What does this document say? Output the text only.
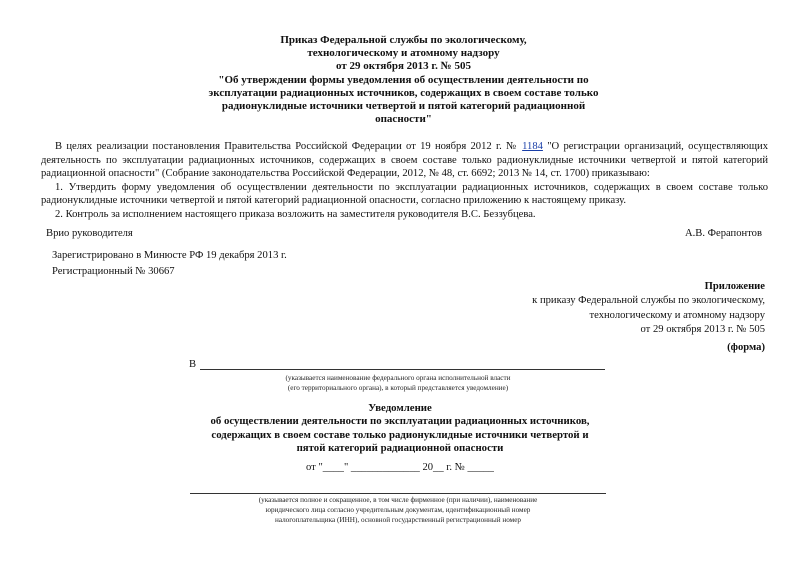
Приказ Федеральной службы по экологическому,
технологическому и атомному надзору
от 29 октября 2013 г. № 505
"Об утверждении формы уведомления об осуществлении деятельности по
эксплуатации радиационных источников, содержащих в своем составе только
радионуклидные источники четвертой и пятой категорий радиационной
опасности"

В целях реализации постановления Правительства Российской Федерации от 19 ноября 2012 г. № 1184 "О регистрации организаций, осуществляющих деятельность по эксплуатации радиационных источников, содержащих в своем составе только радионуклидные источники четвертой и пятой категорий радиационной опасности" (Собрание законодательства Российской Федерации, 2012, № 48, ст. 6692; 2013 № 14, ст. 1700) приказываю:

1. Утвердить форму уведомления об осуществлении деятельности по эксплуатации радиационных источников, содержащих в своем составе только радионуклидные источники четвертой и пятой категорий радиационной опасности, согласно приложению к настоящему приказу.

2. Контроль за исполнением настоящего приказа возложить на заместителя руководителя В.С. Беззубцева.

Врио руководителя	А.В. Ферапонтов
Зарегистрировано в Минюсте РФ 19 декабря 2013 г.
Регистрационный № 30667
Приложение
к приказу Федеральной службы по экологическому,
технологическому и атомному надзору
от 29 октября 2013 г. № 505
(форма)
В
(указывается наименование федерального органа исполнительной власти
(его территориального органа), в который представляется уведомление)
Уведомление
об осуществлении деятельности по эксплуатации радиационных источников,
содержащих в своем составе только радионуклидные источники четвертой и
пятой категорий радиационной опасности
от "____" _____________ 20__ г. № _____
(указывается полное и сокращенное, в том числе фирменное (при наличии), наименование
юридического лица согласно учредительным документам, идентификационный номер
налогоплательщика (ИНН), основной государственный регистрационный номер
